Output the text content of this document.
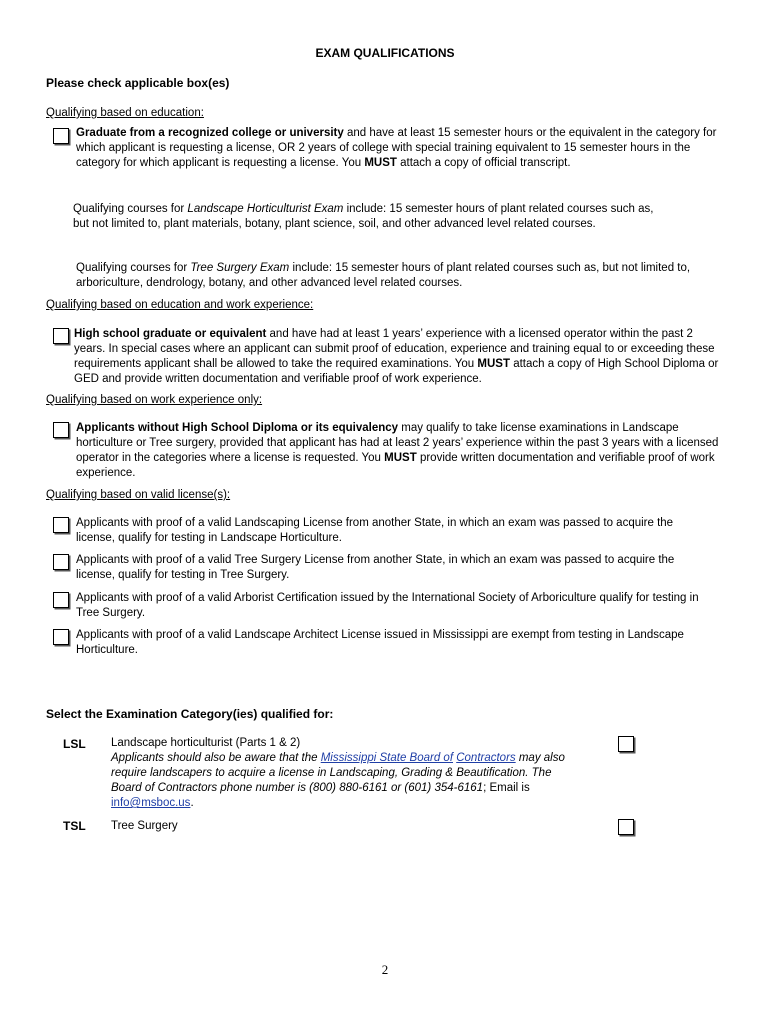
EXAM QUALIFICATIONS
Please check applicable box(es)
Qualifying based on education:
Graduate from a recognized college or university and have at least 15 semester hours or the equivalent in the category for which applicant is requesting a license, OR 2 years of college with special training equivalent to 15 semester hours in the category for which applicant is requesting a license. You MUST attach a copy of official transcript.
Qualifying courses for Landscape Horticulturist Exam include: 15 semester hours of plant related courses such as, but not limited to, plant materials, botany, plant science, soil, and other advanced level related courses.
Qualifying courses for Tree Surgery Exam include: 15 semester hours of plant related courses such as, but not limited to, arboriculture, dendrology, botany, and other advanced level related courses.
Qualifying based on education and work experience:
High school graduate or equivalent and have had at least 1 years’ experience with a licensed operator within the past 2 years. In special cases where an applicant can submit proof of education, experience and training equal to or exceeding these requirements applicant shall be allowed to take the required examinations. You MUST attach a copy of High School Diploma or GED and provide written documentation and verifiable proof of work experience.
Qualifying based on work experience only:
Applicants without High School Diploma or its equivalency may qualify to take license examinations in Landscape horticulture or Tree surgery, provided that applicant has had at least 2 years’ experience within the past 3 years with a licensed operator in the categories where a license is requested. You MUST provide written documentation and verifiable proof of work experience.
Qualifying based on valid license(s):
Applicants with proof of a valid Landscaping License from another State, in which an exam was passed to acquire the license, qualify for testing in Landscape Horticulture.
Applicants with proof of a valid Tree Surgery License from another State, in which an exam was passed to acquire the license, qualify for testing in Tree Surgery.
Applicants with proof of a valid Arborist Certification issued by the International Society of Arboriculture qualify for testing in Tree Surgery.
Applicants with proof of a valid Landscape Architect License issued in Mississippi are exempt from testing in Landscape Horticulture.
Select the Examination Category(ies) qualified for:
LSL Landscape horticulturist (Parts 1 & 2)
Applicants should also be aware that the Mississippi State Board of Contractors may also require landscapers to acquire a license in Landscaping, Grading & Beautification. The Board of Contractors phone number is (800) 880-6161 or (601) 354-6161; Email is info@msboc.us.
TSL Tree Surgery
2
